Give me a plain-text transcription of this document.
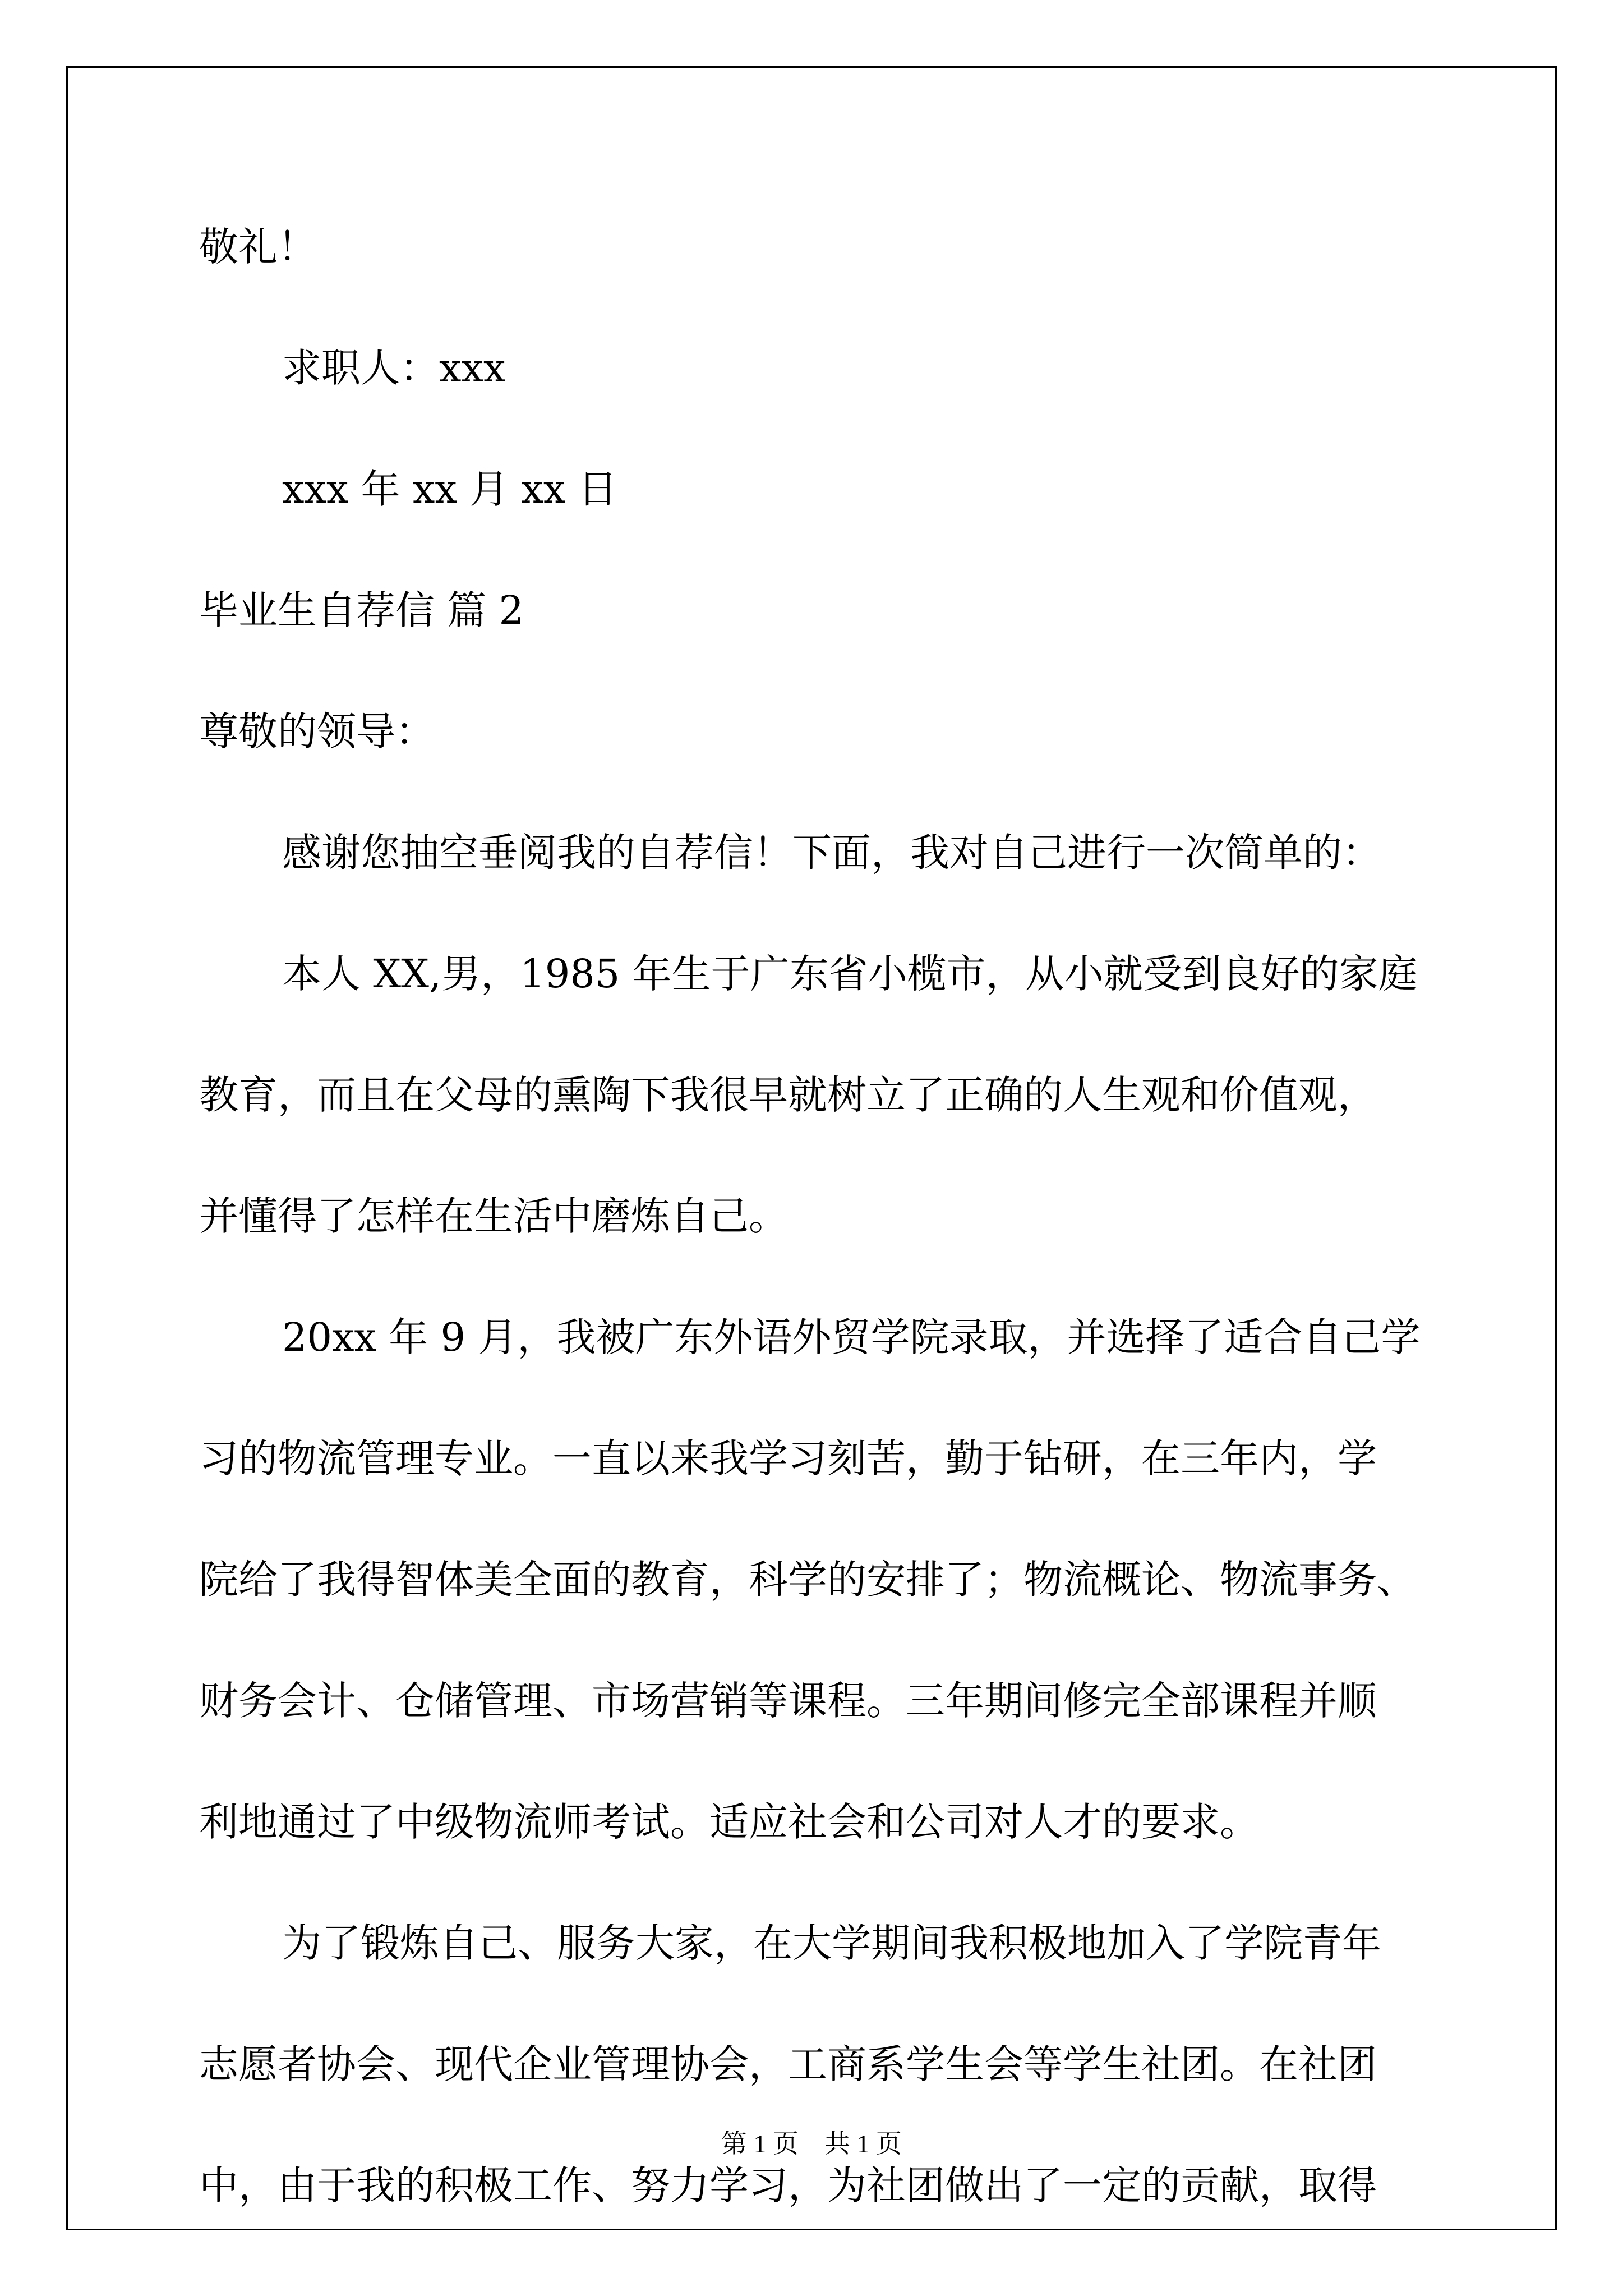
敬礼！
求职人：xxx
xxx 年 xx 月 xx 日
毕业生自荐信 篇 2
尊敬的领导：
感谢您抽空垂阅我的自荐信！下面，我对自己进行一次简单的：
本人 XX,男，1985 年生于广东省小榄市，从小就受到良好的家庭
教育，而且在父母的熏陶下我很早就树立了正确的人生观和价值观，
并懂得了怎样在生活中磨炼自己。
20xx 年 9 月，我被广东外语外贸学院录取，并选择了适合自己学
习的物流管理专业。一直以来我学习刻苦，勤于钻研，在三年内，学
院给了我得智体美全面的教育，科学的安排了；物流概论、物流事务、
财务会计、仓储管理、市场营销等课程。三年期间修完全部课程并顺
利地通过了中级物流师考试。适应社会和公司对人才的要求。
为了锻炼自己、服务大家，在大学期间我积极地加入了学院青年
志愿者协会、现代企业管理协会，工商系学生会等学生社团。在社团
中，由于我的积极工作、努力学习，为社团做出了一定的贡献，取得
第 1 页　共 1 页
